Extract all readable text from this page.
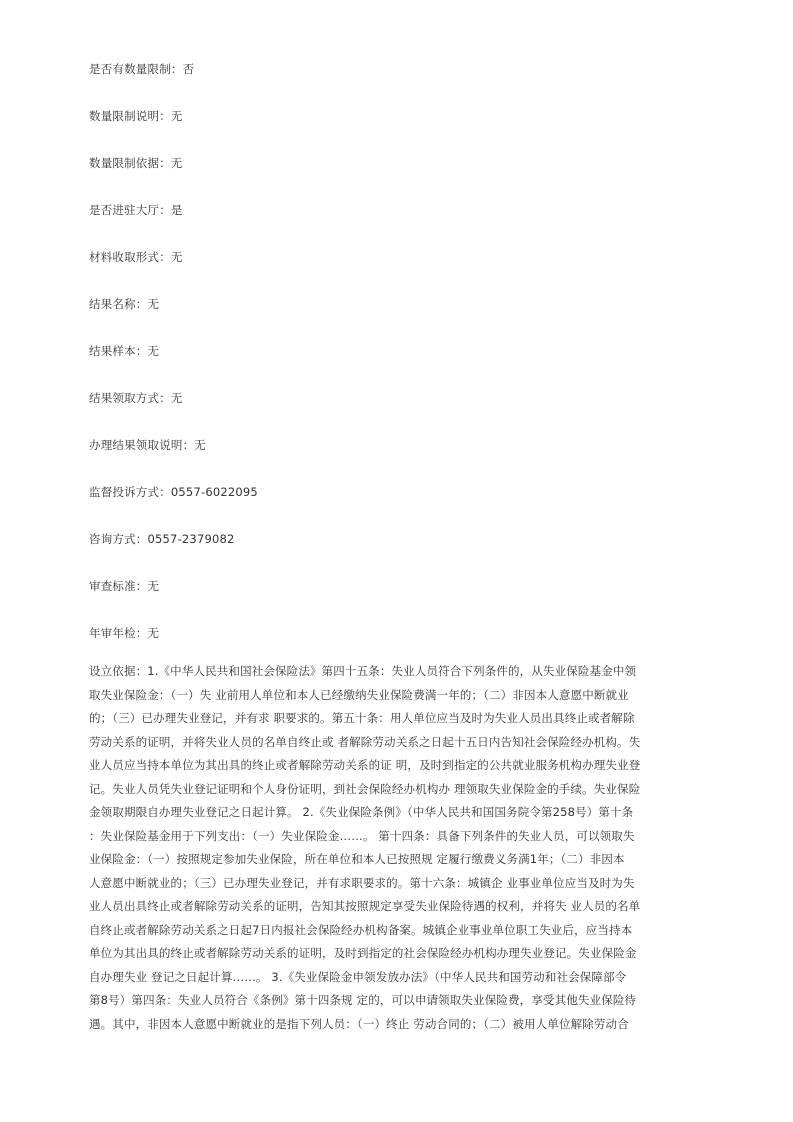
是否有数量限制：否
数量限制说明：无
数量限制依据：无
是否进驻大厅：是
材料收取形式：无
结果名称：无
结果样本：无
结果领取方式：无
办理结果领取说明：无
监督投诉方式：0557-6022095
咨询方式：0557-2379082
审查标准：无
年审年检：无
设立依据：1.《中华人民共和国社会保险法》第四十五条：失业人员符合下列条件的，从失业保险基金中领
取失业保险金：（一）失 业前用人单位和本人已经缴纳失业保险费满一年的；（二）非因本人意愿中断就业
的；（三）已办理失业登记，并有求 职要求的。第五十条：用人单位应当及时为失业人员出具终止或者解除
劳动关系的证明，并将失业人员的名单自终止或 者解除劳动关系之日起十五日内告知社会保险经办机构。失
业人员应当持本单位为其出具的终止或者解除劳动关系的证 明，及时到指定的公共就业服务机构办理失业登
记。失业人员凭失业登记证明和个人身份证明，到社会保险经办机构办 理领取失业保险金的手续。失业保险
金领取期限自办理失业登记之日起计算。 2.《失业保险条例》（中华人民共和国国务院令第258号）第十条
：失业保险基金用于下列支出：（一）失业保险金……。 第十四条：具备下列条件的失业人员，可以领取失
业保险金：（一）按照规定参加失业保险，所在单位和本人已按照规 定履行缴费义务满1年；（二）非因本
人意愿中断就业的；（三）已办理失业登记，并有求职要求的。第十六条：城镇企 业事业单位应当及时为失
业人员出具终止或者解除劳动关系的证明，告知其按照规定享受失业保险待遇的权利，并将失 业人员的名单
自终止或者解除劳动关系之日起7日内报社会保险经办机构备案。城镇企业事业单位职工失业后，应当持本
单位为其出具的终止或者解除劳动关系的证明，及时到指定的社会保险经办机构办理失业登记。失业保险金
自办理失业 登记之日起计算……。 3.《失业保险金申领发放办法》（中华人民共和国劳动和社会保障部令
第8号）第四条：失业人员符合《条例》第十四条规 定的，可以申请领取失业保险费，享受其他失业保险待
遇。其中，非因本人意愿中断就业的是指下列人员：（一）终止 劳动合同的；（二）被用人单位解除劳动合
